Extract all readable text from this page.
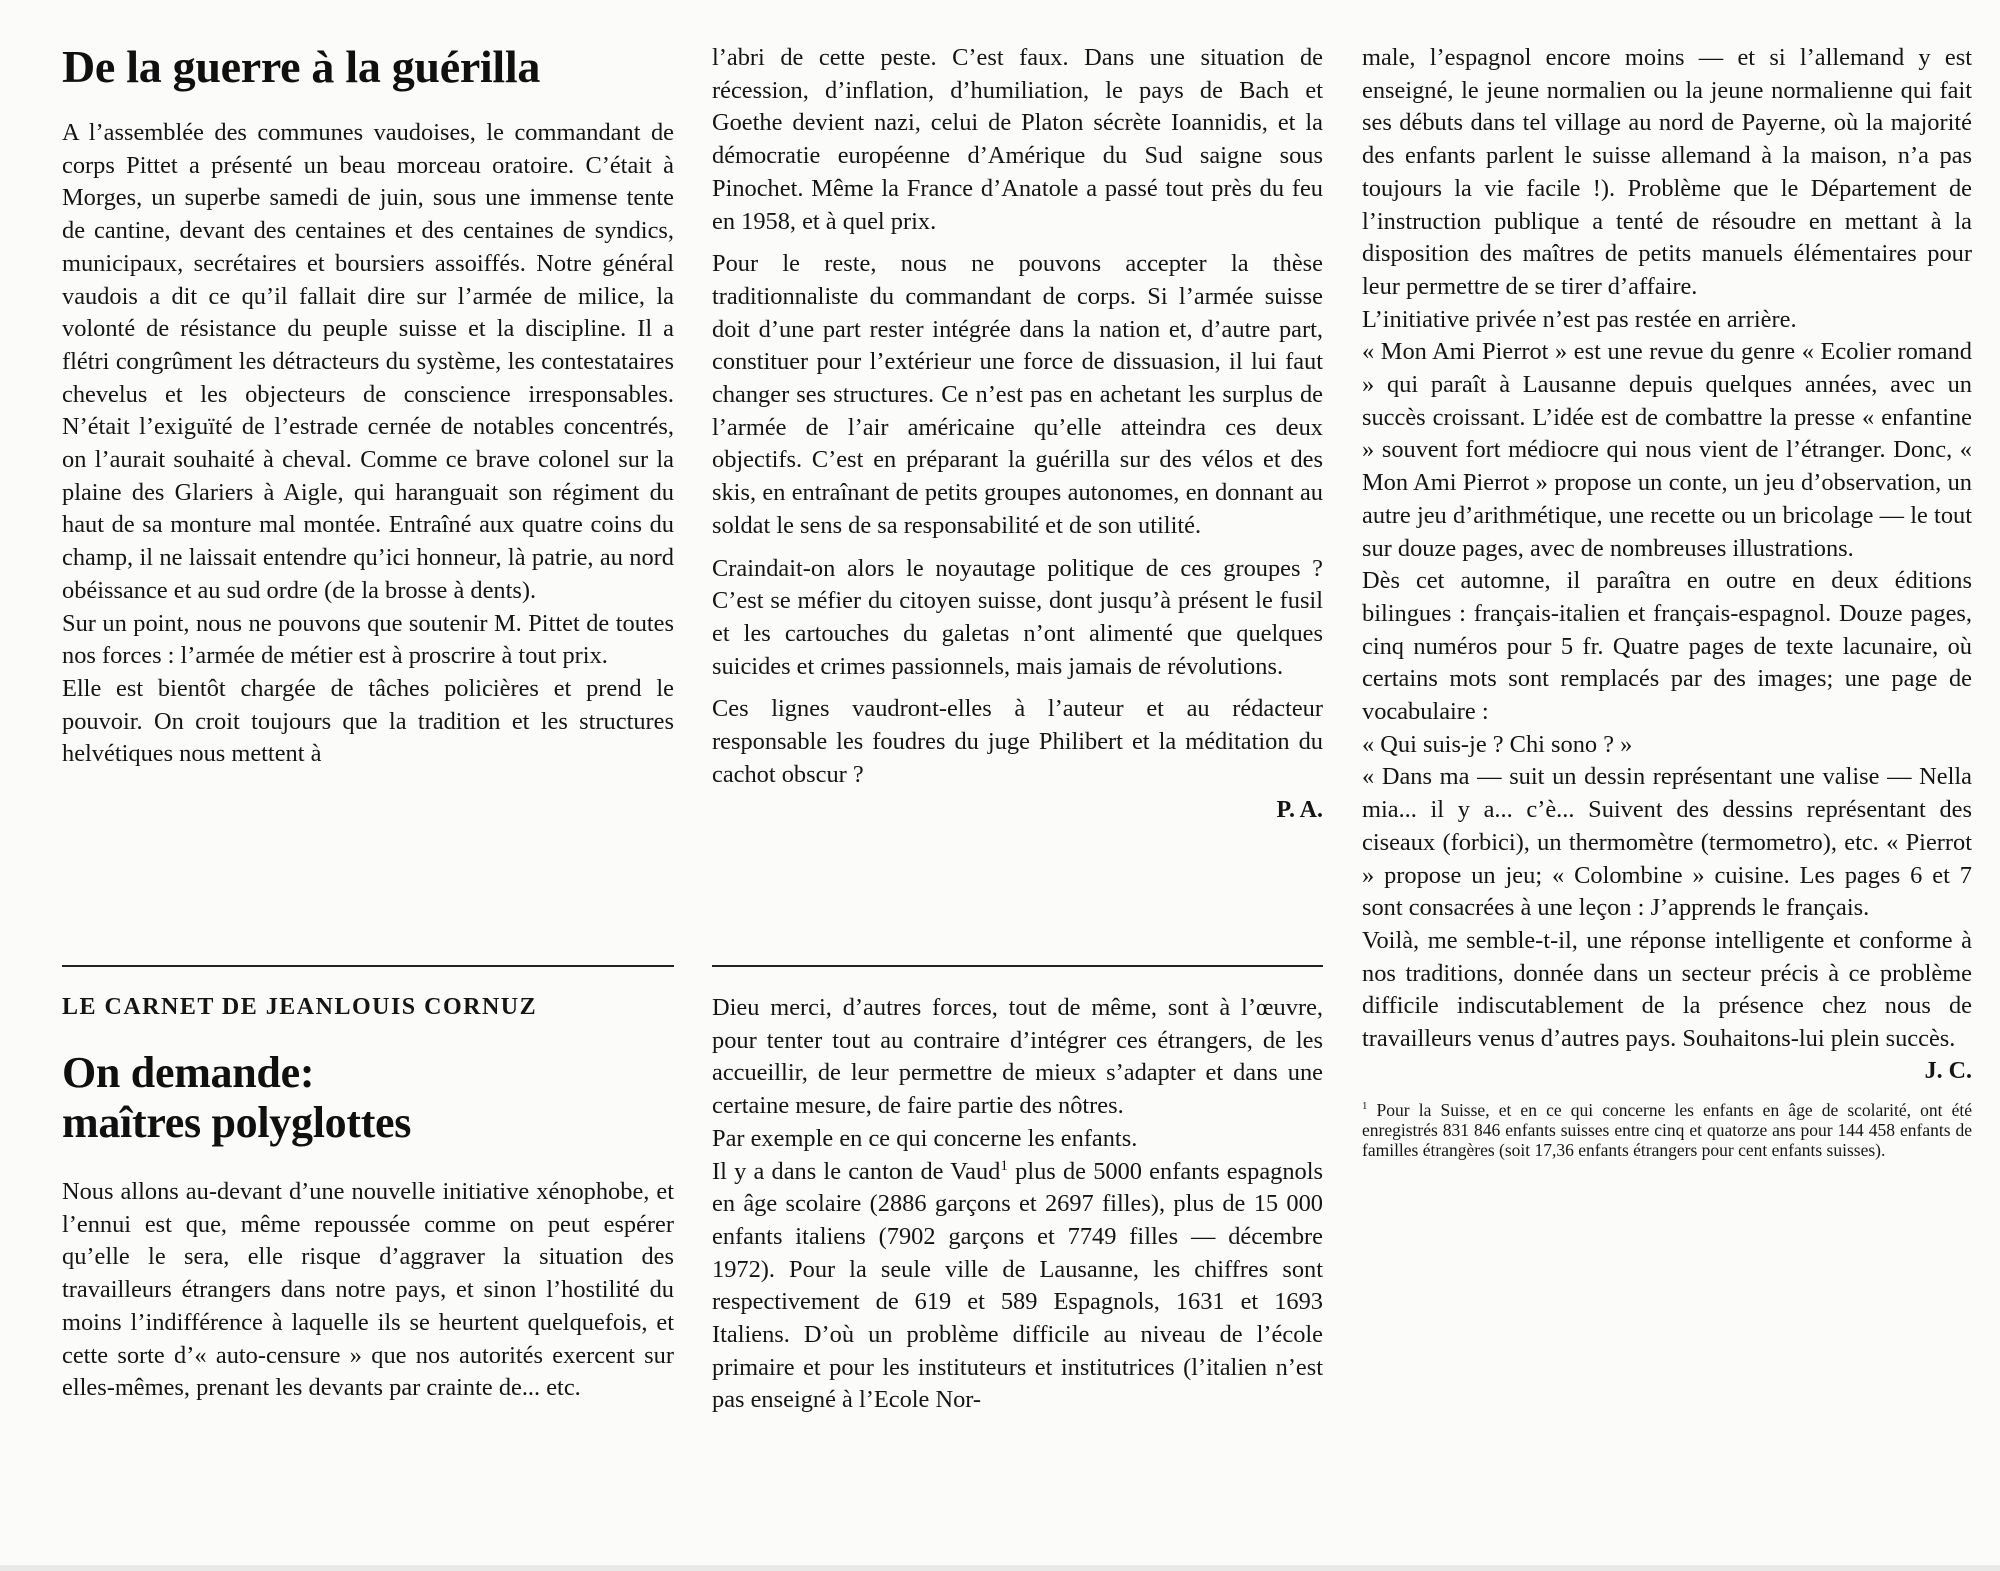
De la guerre à la guérilla

A l’assemblée des communes vaudoises, le commandant de corps Pittet a présenté un beau morceau oratoire. C’était à Morges, un superbe samedi de juin, sous une immense tente de cantine, devant des centaines et des centaines de syndics, municipaux, secrétaires et boursiers assoiffés. Notre général vaudois a dit ce qu’il fallait dire sur l’armée de milice, la volonté de résistance du peuple suisse et la discipline. Il a flétri congrûment les détracteurs du système, les contestataires chevelus et les objecteurs de conscience irresponsables. N’était l’exiguïté de l’estrade cernée de notables concentrés, on l’aurait souhaité à cheval. Comme ce brave colonel sur la plaine des Glariers à Aigle, qui haranguait son régiment du haut de sa monture mal montée. Entraîné aux quatre coins du champ, il ne laissait entendre qu’ici honneur, là patrie, au nord obéissance et au sud ordre (de la brosse à dents).

Sur un point, nous ne pouvons que soutenir M. Pittet de toutes nos forces : l’armée de métier est à proscrire à tout prix.

Elle est bientôt chargée de tâches policières et prend le pouvoir. On croit toujours que la tradition et les structures helvétiques nous mettent à

LE CARNET DE JEANLOUIS CORNUZ
On demande:
maîtres polyglottes

Nous allons au-devant d’une nouvelle initiative xénophobe, et l’ennui est que, même repoussée comme on peut espérer qu’elle le sera, elle risque d’aggraver la situation des travailleurs étrangers dans notre pays, et sinon l’hostilité du moins l’indifférence à laquelle ils se heurtent quelquefois, et cette sorte d’« auto-censure » que nos autorités exercent sur elles-mêmes, prenant les devants par crainte de... etc.

l’abri de cette peste. C’est faux. Dans une situation de récession, d’inflation, d’humiliation, le pays de Bach et Goethe devient nazi, celui de Platon sécrète Ioannidis, et la démocratie européenne d’Amérique du Sud saigne sous Pinochet. Même la France d’Anatole a passé tout près du feu en 1958, et à quel prix.

Pour le reste, nous ne pouvons accepter la thèse traditionnaliste du commandant de corps. Si l’armée suisse doit d’une part rester intégrée dans la nation et, d’autre part, constituer pour l’extérieur une force de dissuasion, il lui faut changer ses structures. Ce n’est pas en achetant les surplus de l’armée de l’air américaine qu’elle atteindra ces deux objectifs. C’est en préparant la guérilla sur des vélos et des skis, en entraînant de petits groupes autonomes, en donnant au soldat le sens de sa responsabilité et de son utilité.

Craindait-on alors le noyautage politique de ces groupes ? C’est se méfier du citoyen suisse, dont jusqu’à présent le fusil et les cartouches du galetas n’ont alimenté que quelques suicides et crimes passionnels, mais jamais de révolutions.

Ces lignes vaudront-elles à l’auteur et au rédacteur responsable les foudres du juge Philibert et la méditation du cachot obscur ?

P. A.

Dieu merci, d’autres forces, tout de même, sont à l’œuvre, pour tenter tout au contraire d’intégrer ces étrangers, de les accueillir, de leur permettre de mieux s’adapter et dans une certaine mesure, de faire partie des nôtres.

Par exemple en ce qui concerne les enfants.

Il y a dans le canton de Vaud$^1$ plus de 5000 enfants espagnols en âge scolaire (2886 garçons et 2697 filles), plus de 15 000 enfants italiens (7902 garçons et 7749 filles — décembre 1972). Pour la seule ville de Lausanne, les chiffres sont respectivement de 619 et 589 Espagnols, 1631 et 1693 Italiens. D’où un problème difficile au niveau de l’école primaire et pour les instituteurs et institutrices (l’italien n’est pas enseigné à l’Ecole Nor-

male, l’espagnol encore moins — et si l’allemand y est enseigné, le jeune normalien ou la jeune normalienne qui fait ses débuts dans tel village au nord de Payerne, où la majorité des enfants parlent le suisse allemand à la maison, n’a pas toujours la vie facile !). Problème que le Département de l’instruction publique a tenté de résoudre en mettant à la disposition des maîtres de petits manuels élémentaires pour leur permettre de se tirer d’affaire.

L’initiative privée n’est pas restée en arrière.

« Mon Ami Pierrot » est une revue du genre « Ecolier romand » qui paraît à Lausanne depuis quelques années, avec un succès croissant. L’idée est de combattre la presse « enfantine » souvent fort médiocre qui nous vient de l’étranger. Donc, « Mon Ami Pierrot » propose un conte, un jeu d’observation, un autre jeu d’arithmétique, une recette ou un bricolage — le tout sur douze pages, avec de nombreuses illustrations.

Dès cet automne, il paraîtra en outre en deux éditions bilingues : français-italien et français-espagnol. Douze pages, cinq numéros pour 5 fr. Quatre pages de texte lacunaire, où certains mots sont remplacés par des images; une page de vocabulaire :

« Qui suis-je ? Chi sono ? »

« Dans ma — suit un dessin représentant une valise — Nella mia... il y a... c’è... Suivent des dessins représentant des ciseaux (forbici), un thermomètre (termometro), etc. « Pierrot » propose un jeu; « Colombine » cuisine. Les pages 6 et 7 sont consacrées à une leçon : J’apprends le français.

Voilà, me semble-t-il, une réponse intelligente et conforme à nos traditions, donnée dans un secteur précis à ce problème difficile indiscutablement de la présence chez nous de travailleurs venus d’autres pays. Souhaitons-lui plein succès.

J. C.
$^1$ Pour la Suisse, et en ce qui concerne les enfants en âge de scolarité, ont été enregistrés 831 846 enfants suisses entre cinq et quatorze ans pour 144 458 enfants de familles étrangères (soit 17,36 enfants étrangers pour cent enfants suisses).
